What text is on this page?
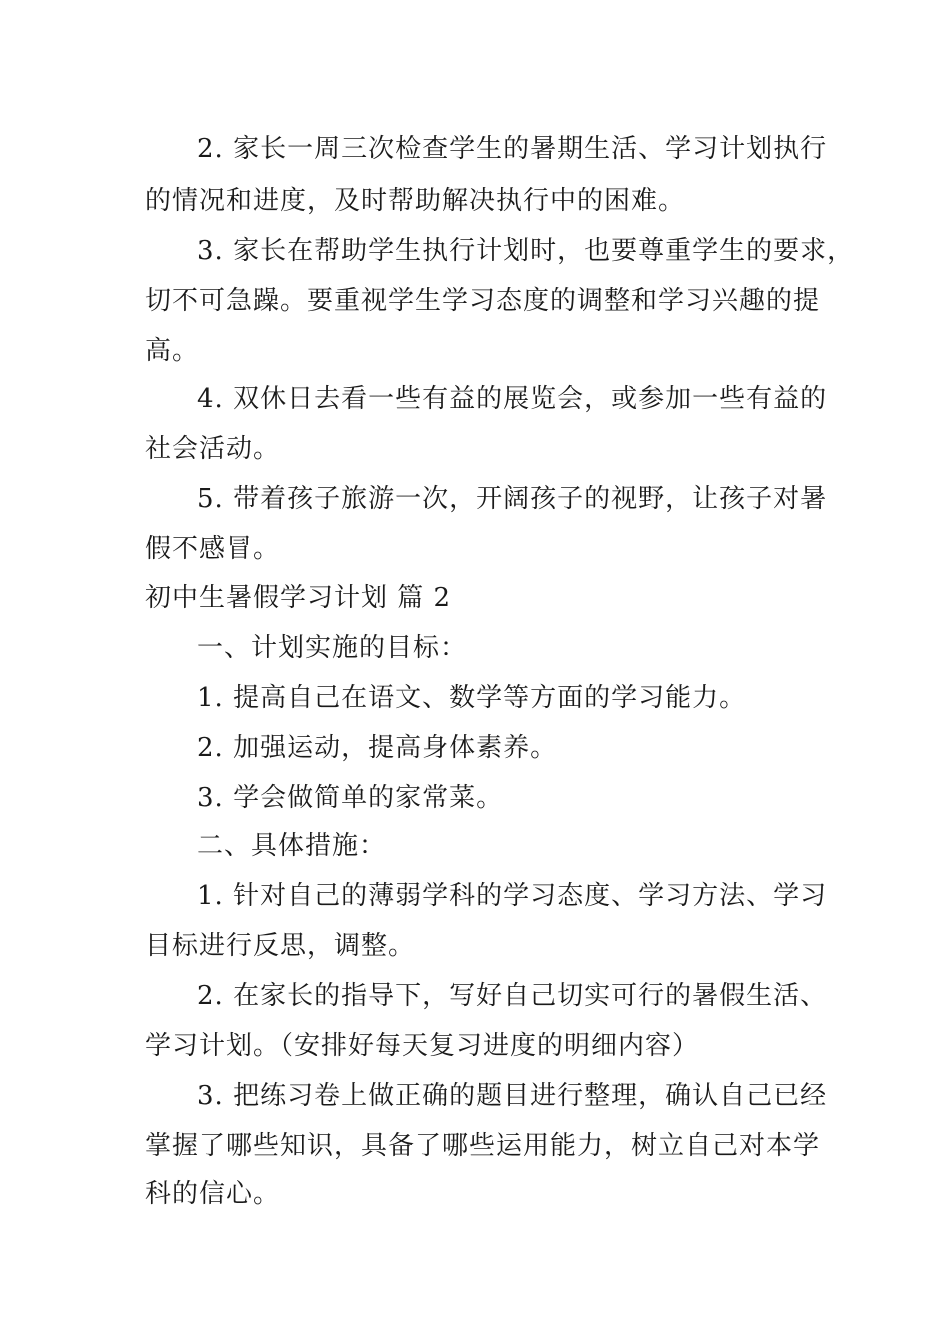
2. 家长一周三次检查学生的暑期生活、学习计划执行
的情况和进度，及时帮助解决执行中的困难。
3. 家长在帮助学生执行计划时，也要尊重学生的要求，
切不可急躁。要重视学生学习态度的调整和学习兴趣的提
高。
4. 双休日去看一些有益的展览会，或参加一些有益的
社会活动。
5. 带着孩子旅游一次，开阔孩子的视野，让孩子对暑
假不感冒。
初中生暑假学习计划 篇 2
一、计划实施的目标：
1. 提高自己在语文、数学等方面的学习能力。
2. 加强运动，提高身体素养。
3. 学会做简单的家常菜。
二、具体措施：
1. 针对自己的薄弱学科的学习态度、学习方法、学习
目标进行反思，调整。
2. 在家长的指导下，写好自己切实可行的暑假生活、
学习计划。（安排好每天复习进度的明细内容）
3. 把练习卷上做正确的题目进行整理，确认自己已经
掌握了哪些知识，具备了哪些运用能力，树立自己对本学
科的信心。
